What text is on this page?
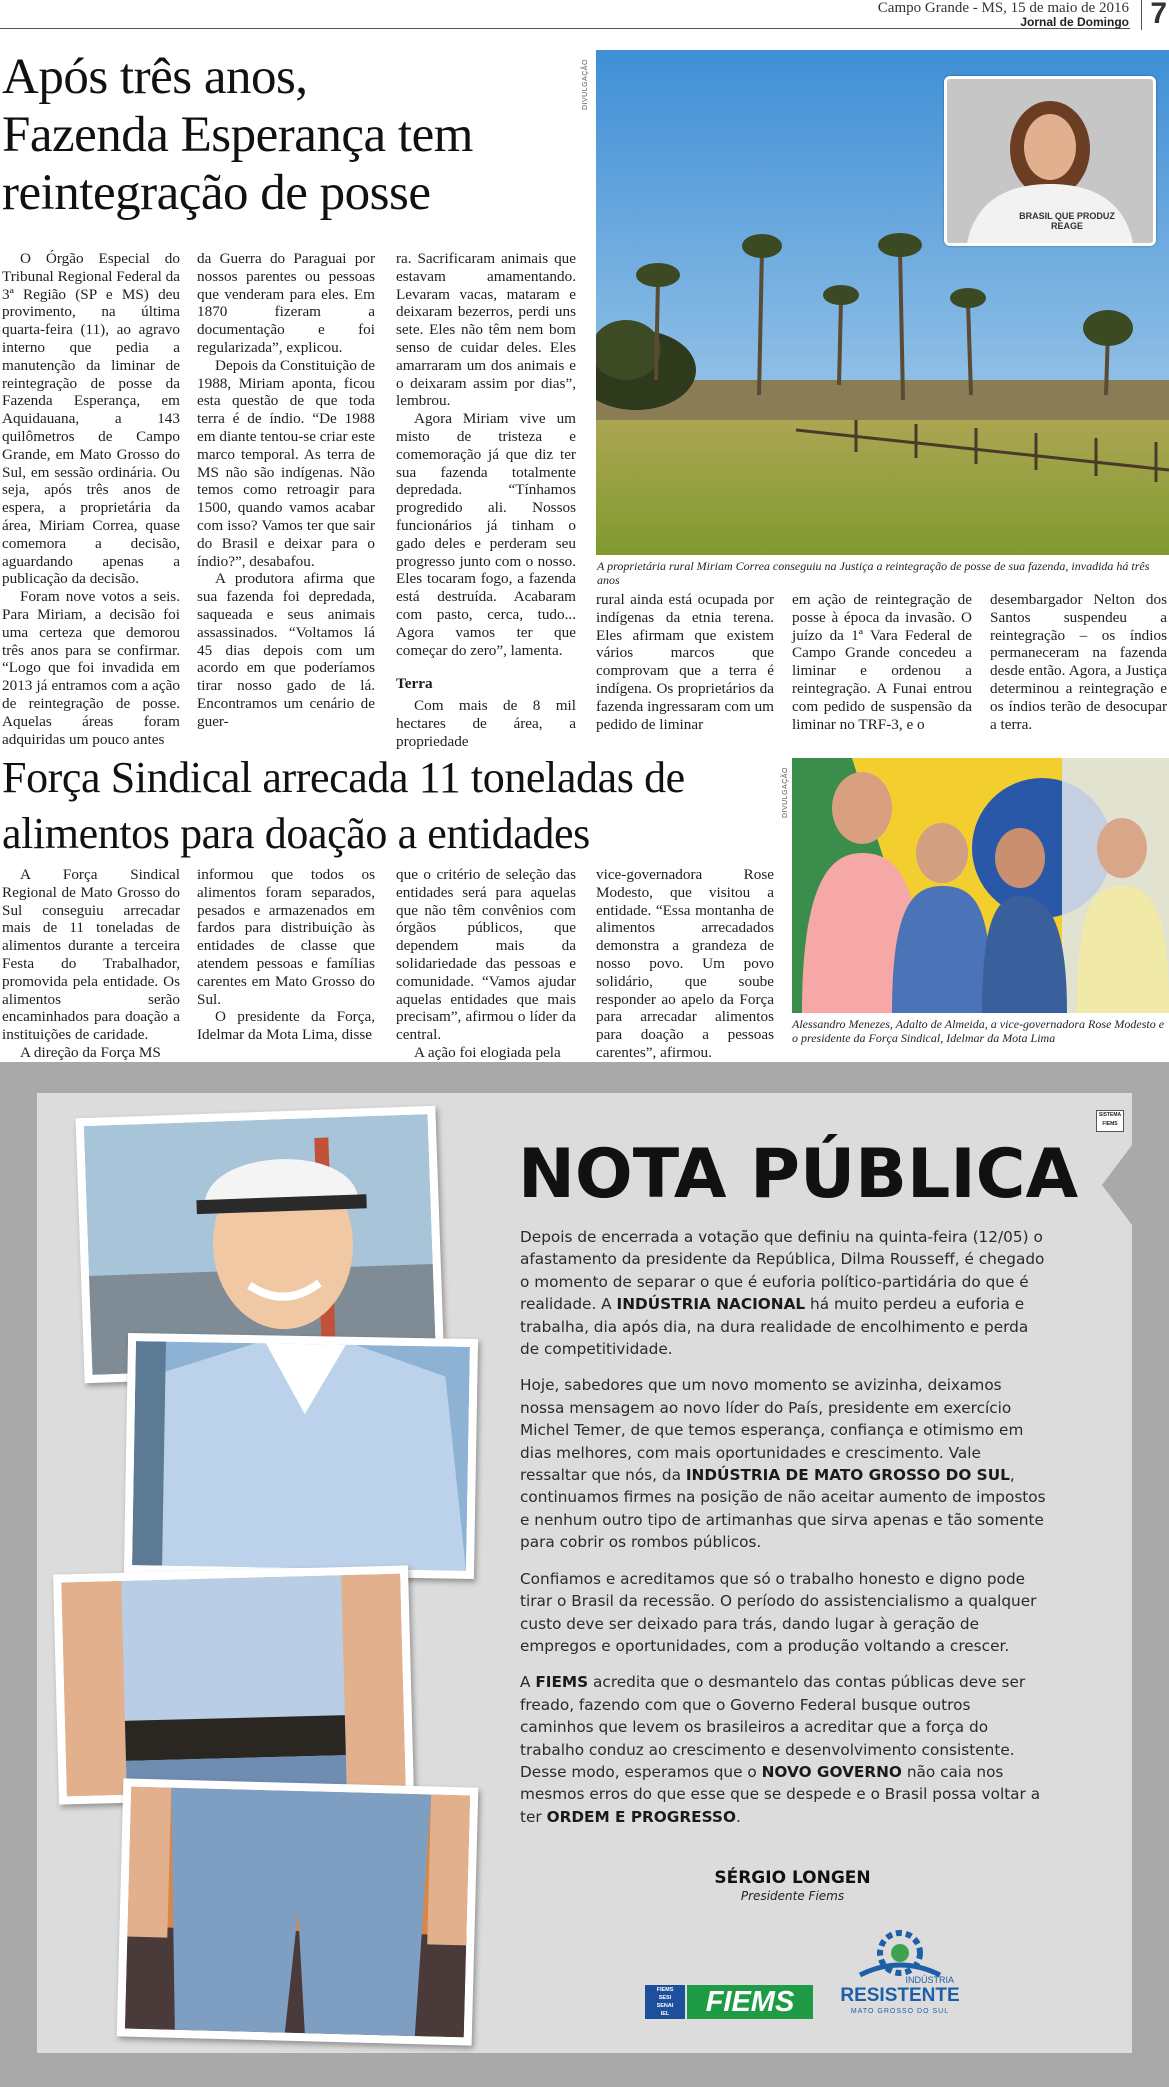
Campo Grande - MS, 15 de maio de 2016
Jornal de Domingo 7
Após três anos,
Fazenda Esperança tem
reintegração de posse
DIVULGAÇÃO

O Órgão Especial do Tribunal Regional Federal da 3ª Região (SP e MS) deu provimento, na última quarta-feira (11), ao agravo interno que pedia a manutenção da liminar de reintegração de posse da Fazenda Esperança, em Aquidauana, a 143 quilômetros de Campo Grande, em Mato Grosso do Sul, em sessão ordinária. Ou seja, após três anos de espera, a proprietária da área, Miriam Correa, quase comemora a decisão, aguardando apenas a publicação da decisão.

Foram nove votos a seis. Para Miriam, a decisão foi uma certeza que demorou três anos para se confirmar. “Logo que foi invadida em 2013 já entramos com a ação de reintegração de posse. Aquelas áreas foram adquiridas um pouco antes

da Guerra do Paraguai por nossos parentes ou pessoas que venderam para eles. Em 1870 fizeram a documentação e foi regularizada”, explicou.

Depois da Constituição de 1988, Miriam aponta, ficou esta questão de que toda terra é de índio. “De 1988 em diante tentou-se criar este marco temporal. As terra de MS não são indígenas. Não temos como retroagir para 1500, quando vamos acabar com isso? Vamos ter que sair do Brasil e deixar para o índio?”, desabafou.

A produtora afirma que sua fazenda foi depredada, saqueada e seus animais assassinados. “Voltamos lá 45 dias depois com um acordo em que poderíamos tirar nosso gado de lá. Encontramos um cenário de guer-

ra. Sacrificaram animais que estavam amamentando. Levaram vacas, mataram e deixaram bezerros, perdi uns sete. Eles não têm nem bom senso de cuidar deles. Eles amarraram um dos animais e o deixaram assim por dias”, lembrou.

Agora Miriam vive um misto de tristeza e comemoração já que diz ter sua fazenda totalmente depredada. “Tínhamos progredido ali. Nossos funcionários já tinham o gado deles e perderam seu progresso junto com o nosso. Eles tocaram fogo, a fazenda está destruída. Acabaram com pasto, cerca, tudo... Agora vamos ter que começar do zero”, lamenta.

Terra

Com mais de 8 mil hectares de área, a propriedade

BRASIL QUE PRODUZ REAGE
A proprietária rural Miriam Correa conseguiu na Justiça a reintegração de posse de sua fazenda, invadida há três anos

rural ainda está ocupada por indígenas da etnia terena. Eles afirmam que existem vários marcos que comprovam que a terra é indígena. Os proprietários da fazenda ingressaram com um pedido de liminar

em ação de reintegração de posse à época da invasão. O juízo da 1ª Vara Federal de Campo Grande concedeu a liminar e ordenou a reintegração. A Funai entrou com pedido de suspensão da liminar no TRF-3, e o

desembargador Nelton dos Santos suspendeu a reintegração – os índios permaneceram na fazenda desde então. Agora, a Justiça determinou a reintegração e os índios terão de desocupar a terra.

Força Sindical arrecada 11 toneladas de
alimentos para doação a entidades
DIVULGAÇÃO

A Força Sindical Regional de Mato Grosso do Sul conseguiu arrecadar mais de 11 toneladas de alimentos durante a terceira Festa do Trabalhador, promovida pela entidade. Os alimentos serão encaminhados para doação a instituições de caridade.

A direção da Força MS

informou que todos os alimentos foram separados, pesados e armazenados em fardos para distribuição às entidades de classe que atendem pessoas e famílias carentes em Mato Grosso do Sul.

O presidente da Força, Idelmar da Mota Lima, disse

que o critério de seleção das entidades será para aquelas que não têm convênios com órgãos públicos, que dependem mais da solidariedade das pessoas e comunidade. “Vamos ajudar aquelas entidades que mais precisam”, afirmou o líder da central.

A ação foi elogiada pela

vice-governadora Rose Modesto, que visitou a entidade. “Essa montanha de alimentos arrecadados demonstra a grandeza de nosso povo. Um povo solidário, que soube responder ao apelo da Força para arrecadar alimentos para doação a pessoas carentes”, afirmou.

Alessandro Menezes, Adalto de Almeida, a vice-governadora Rose Modesto e o presidente da Força Sindical, Idelmar da Mota Lima
SISTEMA FIEMS
NOTA PÚBLICA

Depois de encerrada a votação que definiu na quinta-feira (12/05) o afastamento da presidente da República, Dilma Rousseff, é chegado o momento de separar o que é euforia político-partidária do que é realidade. A INDÚSTRIA NACIONAL há muito perdeu a euforia e trabalha, dia após dia, na dura realidade de encolhimento e perda de competitividade.

Hoje, sabedores que um novo momento se avizinha, deixamos nossa mensagem ao novo líder do País, presidente em exercício Michel Temer, de que temos esperança, confiança e otimismo em dias melhores, com mais oportunidades e crescimento. Vale ressaltar que nós, da INDÚSTRIA DE MATO GROSSO DO SUL, continuamos firmes na posição de não aceitar aumento de impostos e nenhum outro tipo de artimanhas que sirva apenas e tão somente para cobrir os rombos públicos.

Confiamos e acreditamos que só o trabalho honesto e digno pode tirar o Brasil da recessão. O período do assistencialismo a qualquer custo deve ser deixado para trás, dando lugar à geração de empregos e oportunidades, com a produção voltando a crescer.

A FIEMS acredita que o desmantelo das contas públicas deve ser freado, fazendo com que o Governo Federal busque outros caminhos que levem os brasileiros a acreditar que a força do trabalho conduz ao crescimento e desenvolvimento consistente. Desse modo, esperamos que o NOVO GOVERNO não caia nos mesmos erros do que esse que se despede e o Brasil possa voltar a ter ORDEM E PROGRESSO.

SÉRGIO LONGEN
Presidente Fiems
FIEMS
SESI
SENAI
IEL	FIEMS
INDÚSTRIA
RESISTENTE
MATO GROSSO DO SUL
